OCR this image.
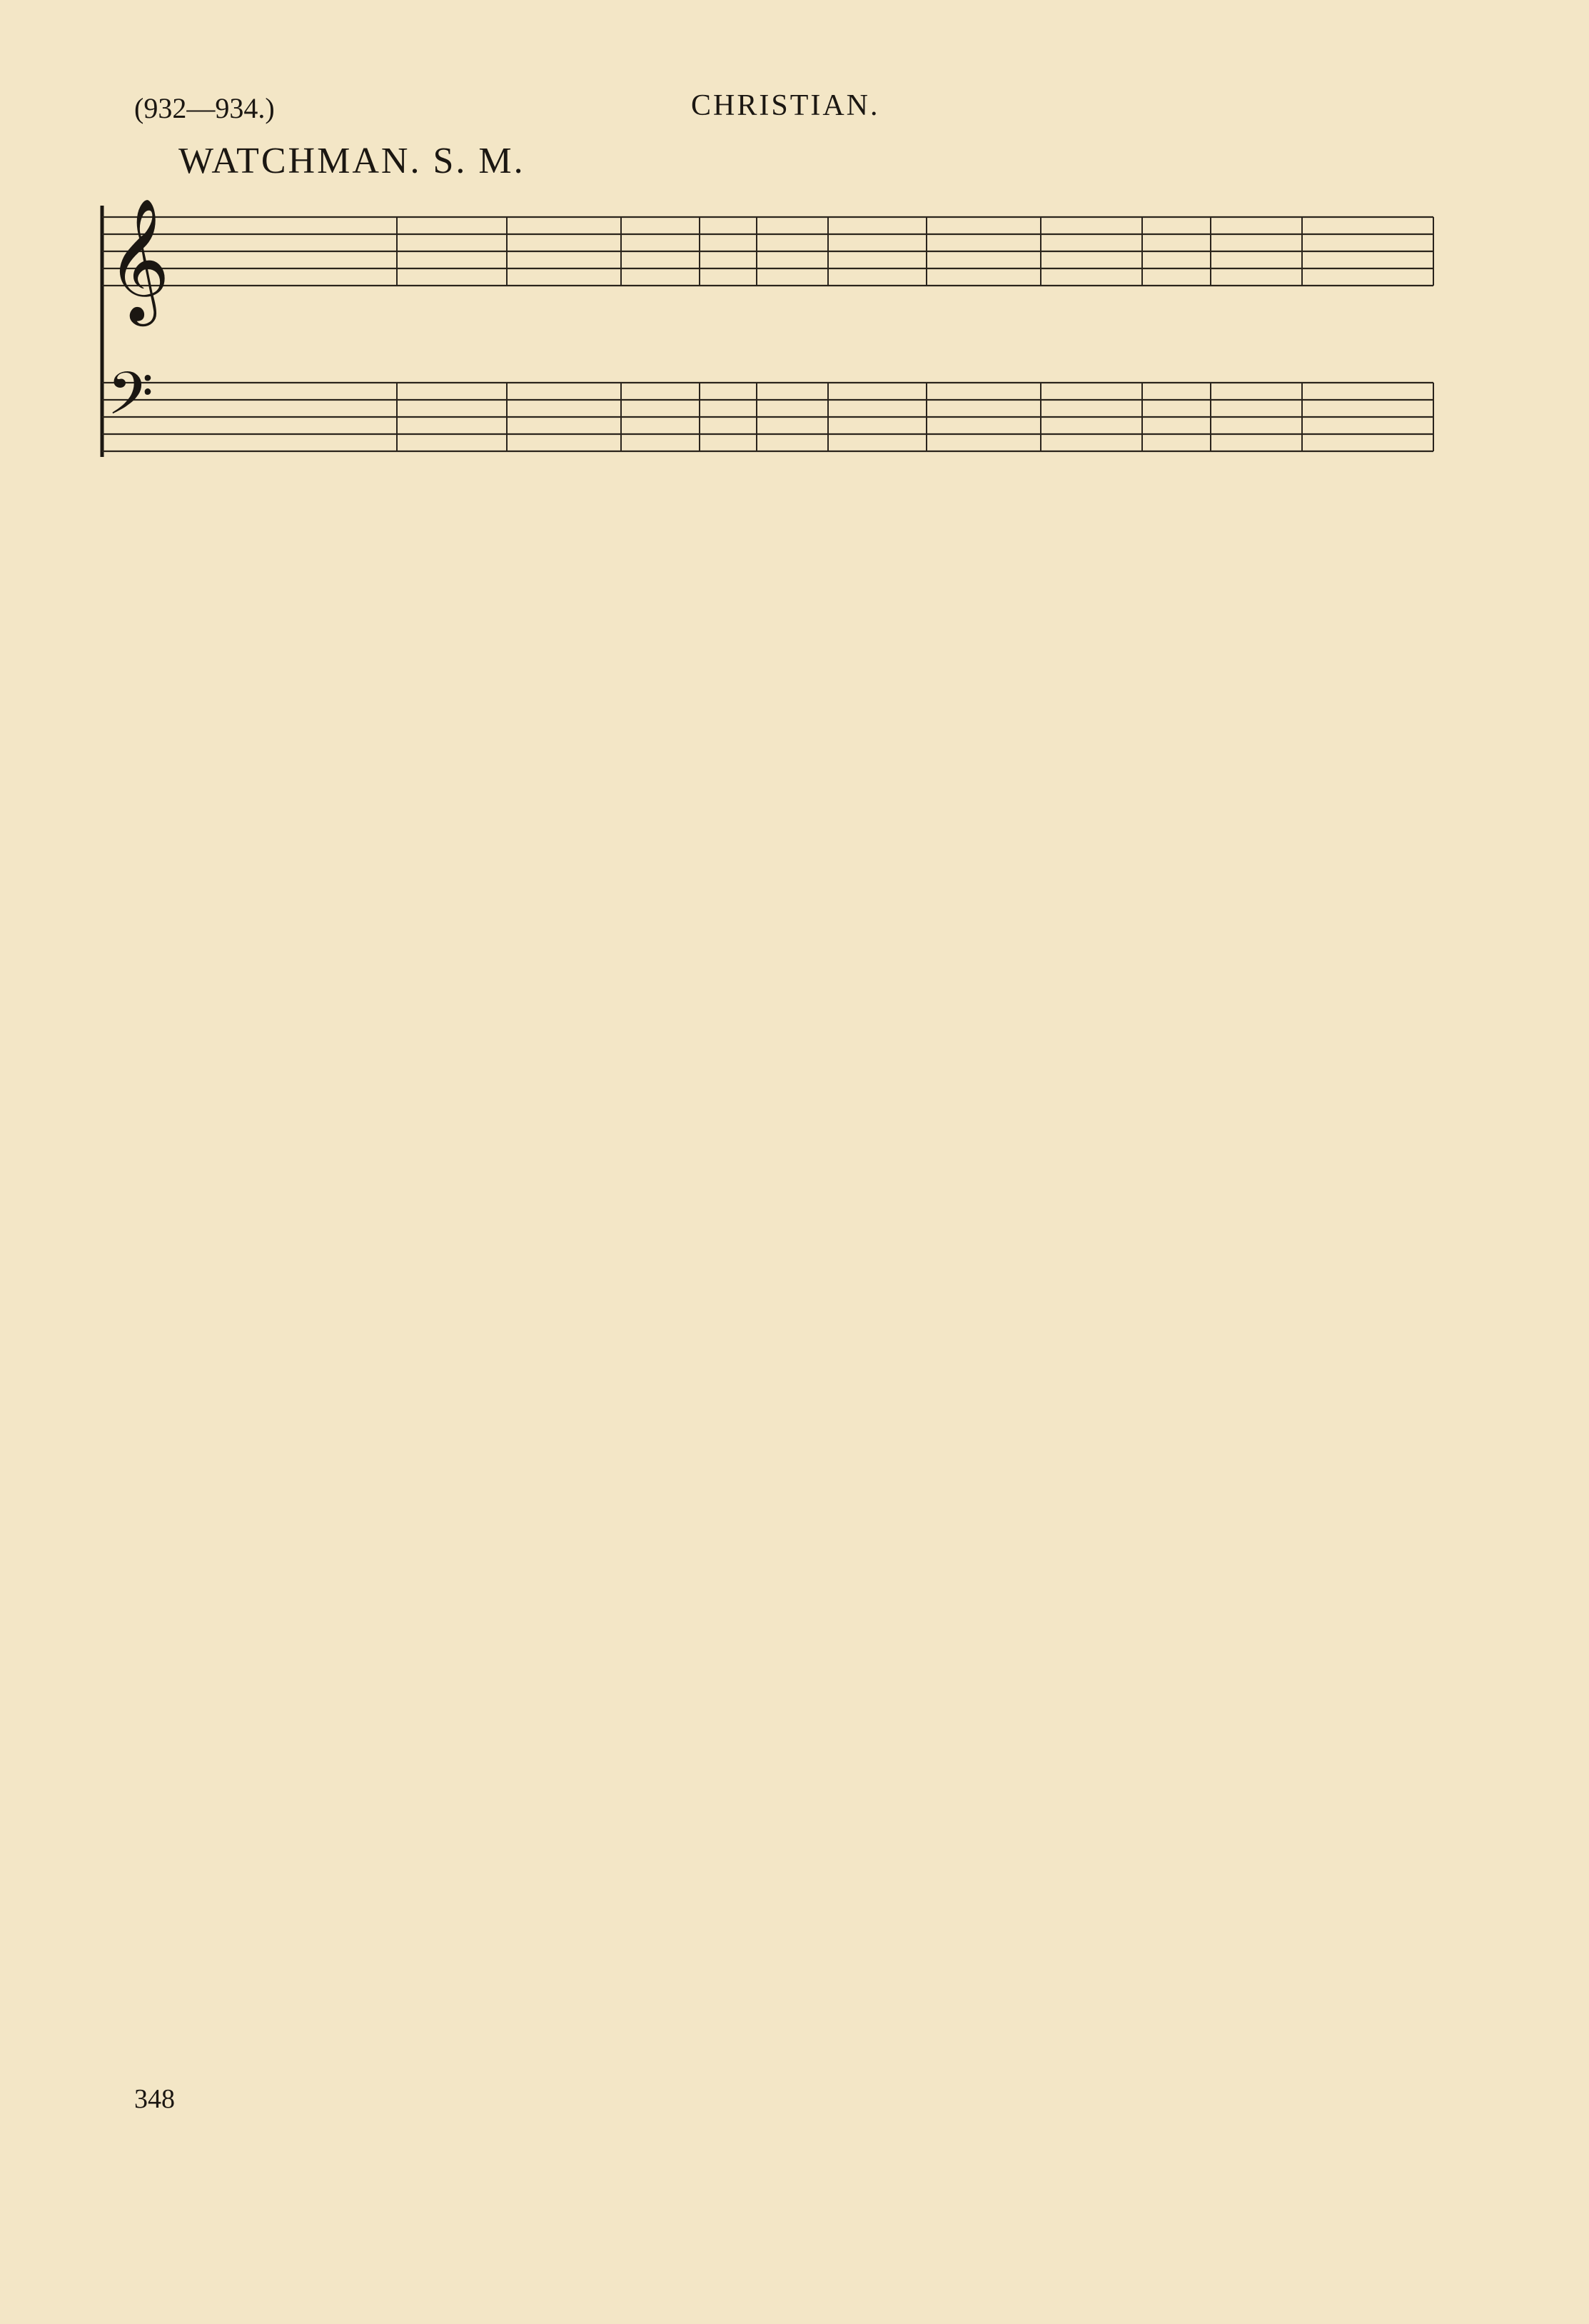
(932—934.)	CHRISTIAN.
WATCHMAN. S. M.
𝄞
𝄢
348
